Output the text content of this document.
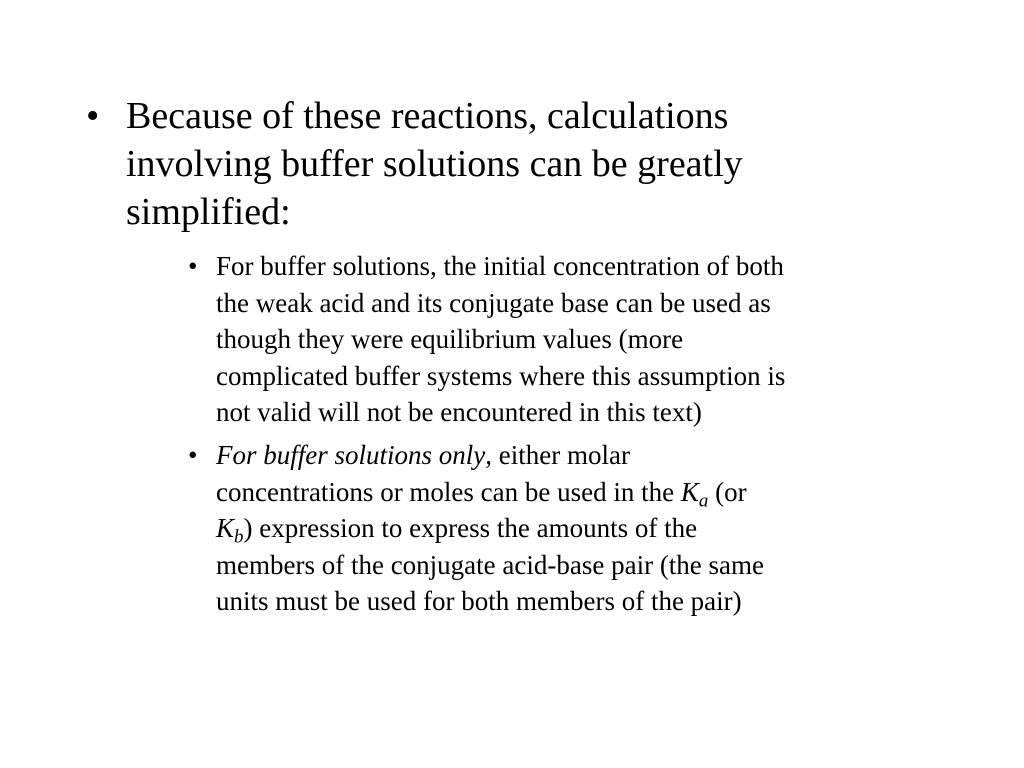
• Because of these reactions, calculations
involving buffer solutions can be greatly
simplified:
• For buffer solutions, the initial concentration of both
the weak acid and its conjugate base can be used as
though they were equilibrium values (more
complicated buffer systems where this assumption is
not valid will not be encountered in this text)
• For buffer solutions only, either molar
concentrations or moles can be used in the $K_a$ (or
$K_b$) expression to express the amounts of the
members of the conjugate acid-base pair (the same
units must be used for both members of the pair)
